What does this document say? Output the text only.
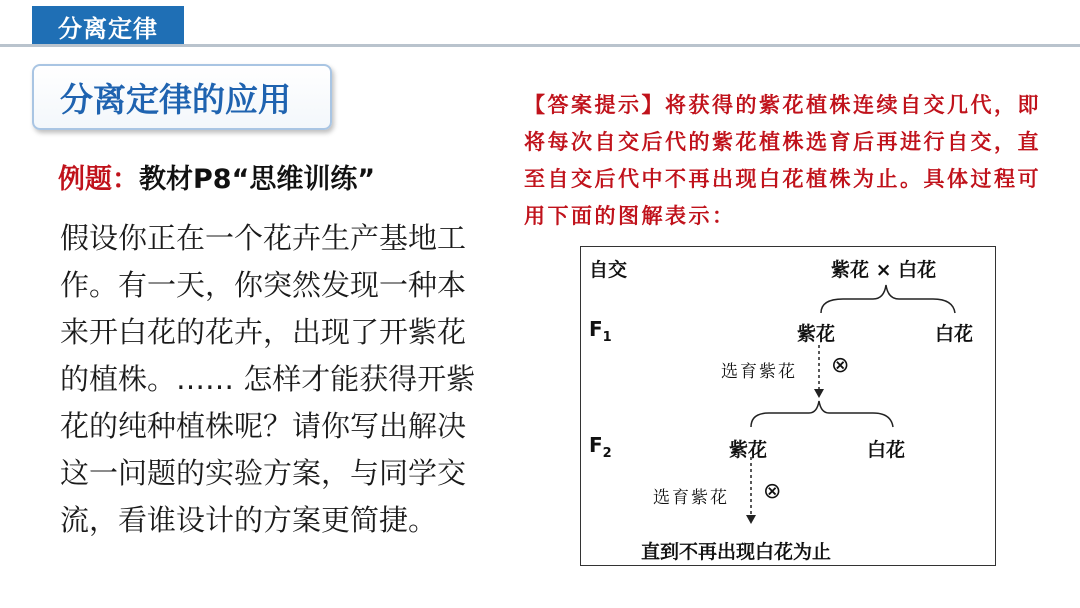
分离定律
分离定律的应用
例题：教材P8“思维训练”
假设你正在一个花卉生产基地工作。有一天，你突然发现一种本来开白花的花卉，出现了开紫花的植株。…… 怎样才能获得开紫花的纯种植株呢？请你写出解决这一问题的实验方案，与同学交流，看谁设计的方案更简捷。
【答案提示】将获得的紫花植株连续自交几代，即将每次自交后代的紫花植株选育后再进行自交，直至自交后代中不再出现白花植株为止。具体过程可用下面的图解表示：
自交	紫花 × 白花
$F_1$	紫花	白花
选育紫花 ⊗
$F_2$	紫花	白花
选育紫花 ⊗
直到不再出现白花为止
